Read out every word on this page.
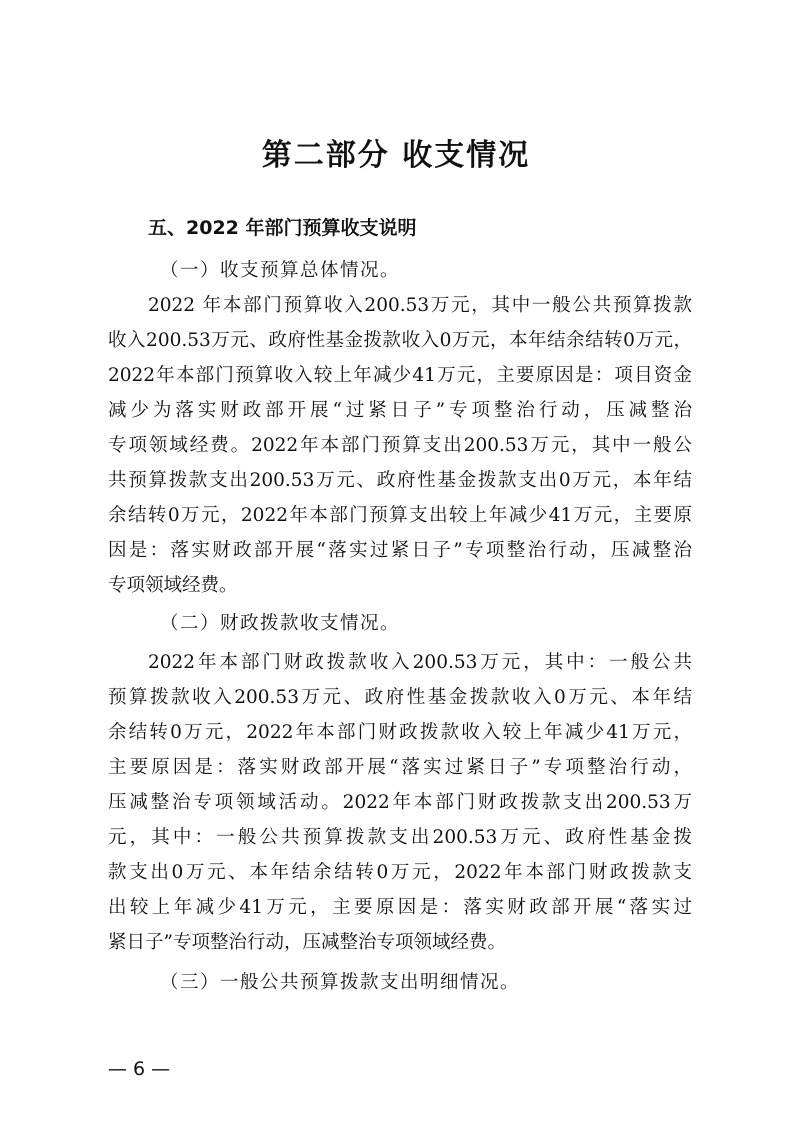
第二部分 收支情况
五、2022 年部门预算收支说明
（一）收支预算总体情况。
2022 年本部门预算收入200.53万元，其中一般公共预算拨款
收入200.53万元、政府性基金拨款收入0万元，本年结余结转0万元，
2022年本部门预算收入较上年减少41万元，主要原因是：项目资金
减少为落实财政部开展“过紧日子”专项整治行动，压减整治
专项领域经费。2022年本部门预算支出200.53万元，其中一般公
共预算拨款支出200.53万元、政府性基金拨款支出0万元，本年结
余结转0万元，2022年本部门预算支出较上年减少41万元，主要原
因是：落实财政部开展“落实过紧日子”专项整治行动，压减整治
专项领域经费。
（二）财政拨款收支情况。
2022年本部门财政拨款收入200.53万元，其中：一般公共
预算拨款收入200.53万元、政府性基金拨款收入0万元、本年结
余结转0万元，2022年本部门财政拨款收入较上年减少41万元，
主要原因是：落实财政部开展“落实过紧日子”专项整治行动，
压减整治专项领域活动。2022年本部门财政拨款支出200.53万
元，其中：一般公共预算拨款支出200.53万元、政府性基金拨
款支出0万元、本年结余结转0万元，2022年本部门财政拨款支
出较上年减少41万元，主要原因是：落实财政部开展“落实过
紧日子”专项整治行动，压减整治专项领域经费。
（三）一般公共预算拨款支出明细情况。
— 6 —
